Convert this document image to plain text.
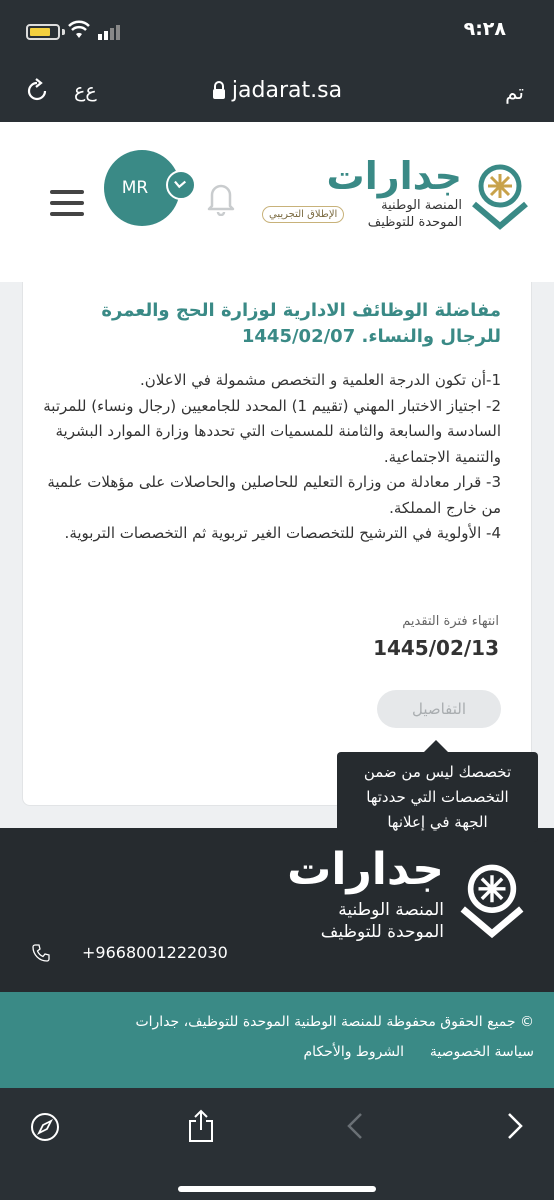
٩:٢٨
ﻉﻉ	jadarat.sa	تم
جدارات
المنصة الوطنية
الموحدة للتوظيف
الإطلاق التجريبي
MR
مفاضلة الوظائف الادارية لوزارة الحج والعمرة للرجال والنساء. 1445/02/07

1-أن تكون الدرجة العلمية و التخصص مشمولة في الاعلان.

2- اجتياز الاختبار المهني (تقييم 1) المحدد للجامعيين (رجال ونساء) للمرتبة السادسة والسابعة والثامنة للمسميات التي تحددها وزارة الموارد البشرية والتنمية الاجتماعية.

3- قرار معادلة من وزارة التعليم للحاصلين والحاصلات على مؤهلات علمية من خارج المملكة.

4- الأولوية في الترشيح للتخصصات الغير تربوية ثم التخصصات التربوية.

انتهاء فترة التقديم
1445/02/13
التفاصيل
تخصصك ليس من ضمن
التخصصات التي حددتها
الجهة في إعلانها
جدارات
المنصة الوطنية
الموحدة للتوظيف
+9668001222030
© جميع الحقوق محفوظة للمنصة الوطنية الموحدة للتوظيف، جدارات
سياسة الخصوصية
الشروط والأحكام
